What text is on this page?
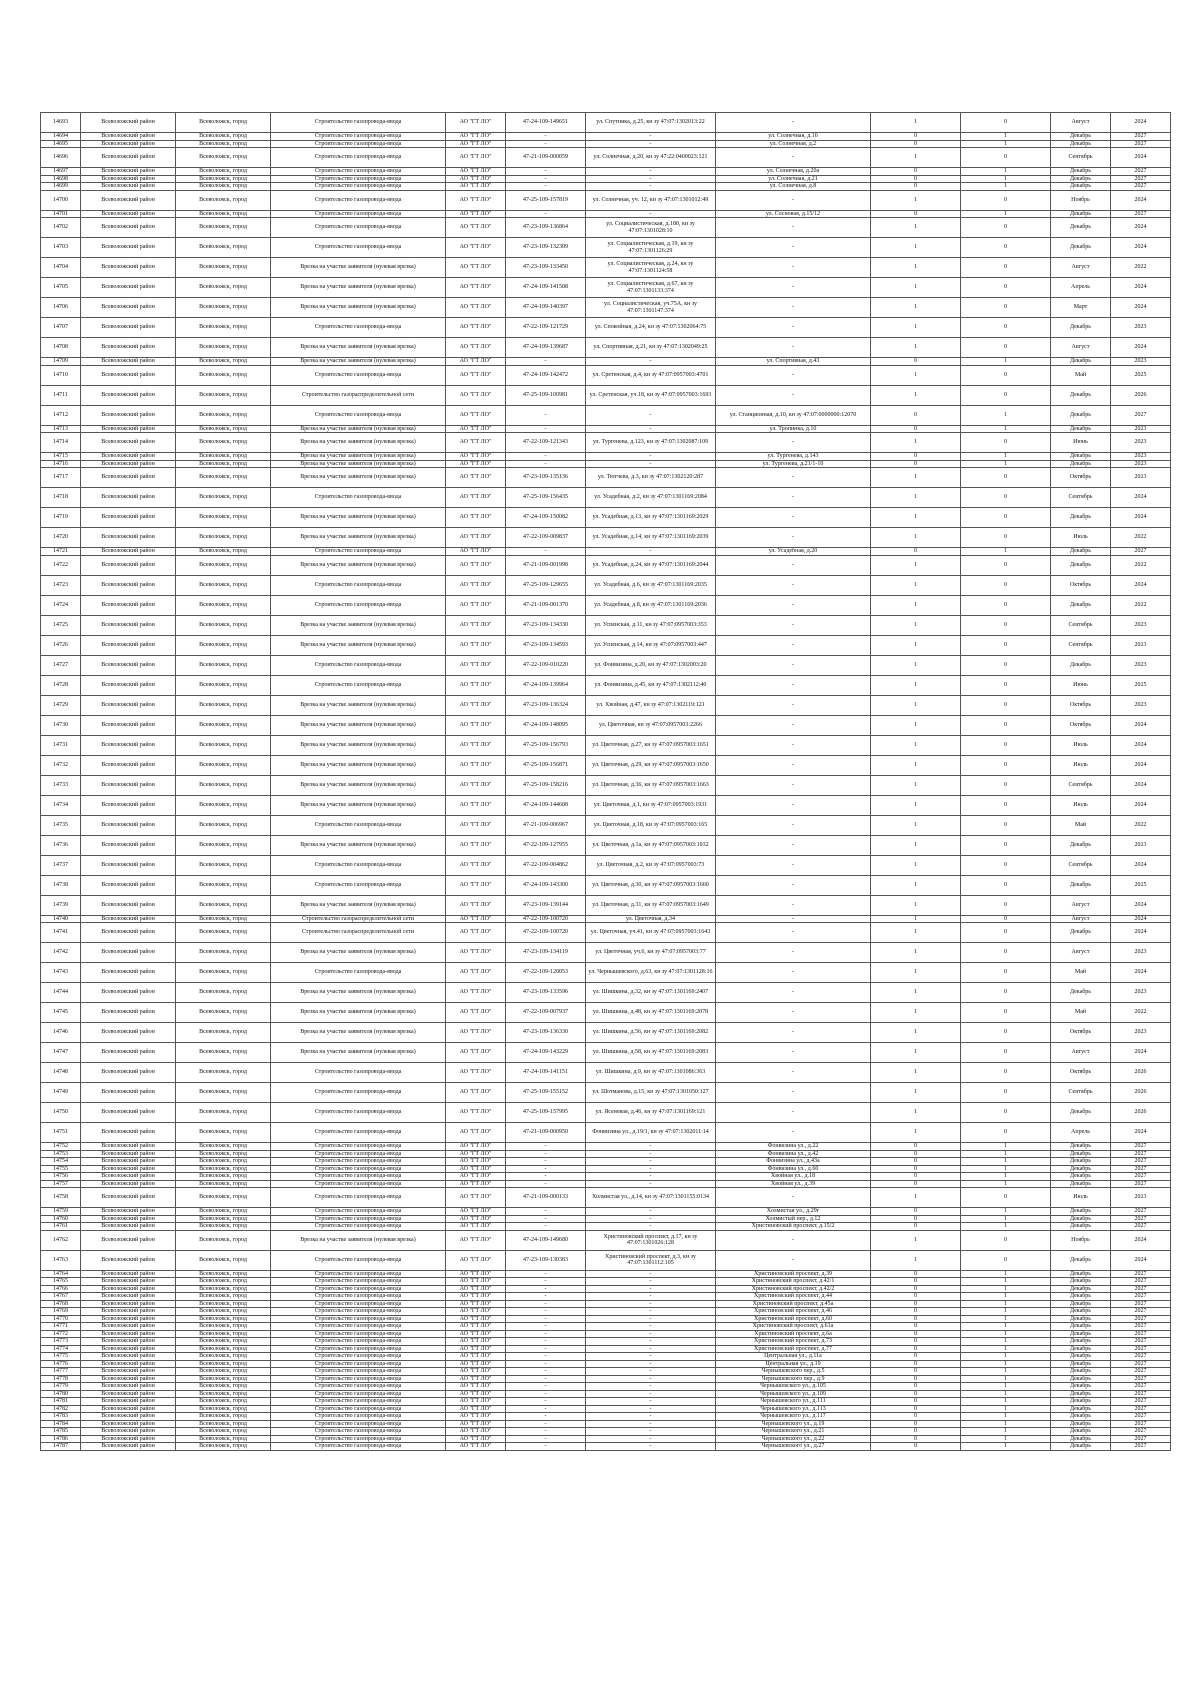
14693	Всеволожский район	Всеволожск, город	Строительство газопровода-ввода	АО "ГТ ЛО"	47-24-109-149651	ул. Спутника, д.25, кн зу 47:07:1302013:22	-	1	0	Август	2024
14694	Всеволожский район	Всеволожск, город	Строительство газопровода-ввода	АО "ГТ ЛО"	-	-	ул. Солнечная, д.16	0	1	Декабрь	2027
14695	Всеволожский район	Всеволожск, город	Строительство газопровода-ввода	АО "ГТ ЛО"	-	-	ул. Солнечная, д.2	0	1	Декабрь	2027
14696	Всеволожский район	Всеволожск, город	Строительство газопровода-ввода	АО "ГТ ЛО"	47-21-109-000059	ул. Солнечная, д.20, кн зу 47:22:0400023:121	-	1	0	Сентябрь	2024
14697	Всеволожский район	Всеволожск, город	Строительство газопровода-ввода	АО "ГТ ЛО"	-	-	ул. Солнечная, д.20а	0	1	Декабрь	2027
14698	Всеволожский район	Всеволожск, город	Строительство газопровода-ввода	АО "ГТ ЛО"	-	-	ул. Солнечная, д.21	0	1	Декабрь	2027
14699	Всеволожский район	Всеволожск, город	Строительство газопровода-ввода	АО "ГТ ЛО"	-	-	ул. Солнечная, д.8	0	1	Декабрь	2027
14700	Всеволожский район	Всеволожск, город	Строительство газопровода-ввода	АО "ГТ ЛО"	47-25-109-157819	ул. Солнечная, уч. 12, кн зу 47:07:1301012:49	-	1	0	Ноябрь	2024
14701	Всеволожский район	Всеволожск, город	Строительство газопровода-ввода	АО "ГТ ЛО"	-	-	ул. Сосновая, д.15/12	0	1	Декабрь	2027
14702	Всеволожский район	Всеволожск, город	Строительство газопровода-ввода	АО "ГТ ЛО"	47-23-109-136864	ул. Социалистическая, д.180, кн зу 47:07:1301028:10	-	1	0	Декабрь	2024
14703	Всеволожский район	Всеволожск, город	Строительство газопровода-ввода	АО "ГТ ЛО"	47-23-109-132309	ул. Социалистическая, д.19, кн зу 47:07:1301126:29	-	1	0	Декабрь	2024
14704	Всеволожский район	Всеволожск, город	Врезка на участке заявителя (нулевая врезка)	АО "ГТ ЛО"	47-23-109-133450	ул. Социалистическая, д.24, кн зу 47:07:1301124:58	-	1	0	Август	2022
14705	Всеволожский район	Всеволожск, город	Врезка на участке заявителя (нулевая врезка)	АО "ГТ ЛО"	47-24-109-141508	ул. Социалистическая, д.67, кн зу 47:07:1301133:374	-	1	0	Апрель	2024
14706	Всеволожский район	Всеволожск, город	Врезка на участке заявителя (нулевая врезка)	АО "ГТ ЛО"	47-24-109-140397	ул. Социалистическая, уч.75А, кн зу 47:07:1301147:374	-	1	0	Март	2024
14707	Всеволожский район	Всеволожск, город	Строительство газопровода-ввода	АО "ГТ ЛО"	47-22-109-121729	ул. Спокойная, д.24, кн зу 47:07:1302064:75	-	1	0	Декабрь	2023
14708	Всеволожский район	Всеволожск, город	Врезка на участке заявителя (нулевая врезка)	АО "ГТ ЛО"	47-24-109-139687	ул. Спортивная, д.21, кн зу 47:07:1302049:25	-	1	0	Август	2024
14709	Всеволожский район	Всеволожск, город	Врезка на участке заявителя (нулевая врезка)	АО "ГТ ЛО"	-	-	ул. Спортивная, д.43	0	1	Декабрь	2023
14710	Всеволожский район	Всеволожск, город	Строительство газопровода-ввода	АО "ГТ ЛО"	47-24-109-142472	ул. Сретенская, д.4, кн зу 47:07:0957003:4701	-	1	0	Май	2025
14711	Всеволожский район	Всеволожск, город	Строительство газораспределительной сети	АО "ГТ ЛО"	47-25-109-100981	ул. Сретенская, уч.18, кн зу 47:07:0957003:1693	-	1	0	Декабрь	2026
14712	Всеволожский район	Всеволожск, город	Строительство газопровода-ввода	АО "ГТ ЛО"	-	-	ул. Станционная, д.10, кн зу 47:07:0000000:12070	0	1	Декабрь	2027
14713	Всеволожский район	Всеволожск, город	Врезка на участке заявителя (нулевая врезка)	АО "ГТ ЛО"	-	-	ул. Тропинка, д.10	0	1	Декабрь	2023
14714	Всеволожский район	Всеволожск, город	Врезка на участке заявителя (нулевая врезка)	АО "ГТ ЛО"	47-22-109-121343	ул. Тургенева, д.123, кн зу 47:07:1302087:109	-	1	0	Июнь	2023
14715	Всеволожский район	Всеволожск, город	Врезка на участке заявителя (нулевая врезка)	АО "ГТ ЛО"	-	-	ул. Тургенева, д.143	0	1	Декабрь	2023
14716	Всеволожский район	Всеволожск, город	Врезка на участке заявителя (нулевая врезка)	АО "ГТ ЛО"	-	-	ул. Тургенева, д.21/1-10	0	1	Декабрь	2023
14717	Всеволожский район	Всеволожск, город	Врезка на участке заявителя (нулевая врезка)	АО "ГТ ЛО"	47-23-109-135136	ул. Тютчева, д.3, кн зу 47:07:1302120:287	-	1	0	Октябрь	2023
14718	Всеволожский район	Всеволожск, город	Строительство газопровода-ввода	АО "ГТ ЛО"	47-25-109-156435	ул. Усадебная, д.2, кн зу 47:07:1301169:2084	-	1	0	Сентябрь	2024
14719	Всеволожский район	Всеволожск, город	Врезка на участке заявителя (нулевая врезка)	АО "ГТ ЛО"	47-24-109-150082	ул. Усадебная, д.13, кн зу 47:07:1301169:2029	-	1	0	Декабрь	2024
14720	Всеволожский район	Всеволожск, город	Врезка на участке заявителя (нулевая врезка)	АО "ГТ ЛО"	47-22-109-009837	ул. Усадебная, д.14, кн зу 47:07:1301169:2039	-	1	0	Июль	2022
14721	Всеволожский район	Всеволожск, город	Строительство газопровода-ввода	АО "ГТ ЛО"	-	-	ул. Усадебная, д.20	0	1	Декабрь	2027
14722	Всеволожский район	Всеволожск, город	Врезка на участке заявителя (нулевая врезка)	АО "ГТ ЛО"	47-21-109-001998	ул. Усадебная, д.24, кн зу 47:07:1301169:2044	-	1	0	Декабрь	2022
14723	Всеволожский район	Всеволожск, город	Строительство газопровода-ввода	АО "ГТ ЛО"	47-25-109-129655	ул. Усадебная, д.6, кн зу 47:07:1301169:2035	-	1	0	Октябрь	2024
14724	Всеволожский район	Всеволожск, город	Строительство газопровода-ввода	АО "ГТ ЛО"	47-21-109-001370	ул. Усадебная, д.8, кн зу 47:07:1301169:2036	-	1	0	Декабрь	2022
14725	Всеволожский район	Всеволожск, город	Врезка на участке заявителя (нулевая врезка)	АО "ГТ ЛО"	47-23-109-134330	ул. Успенская, д.11, кн зу 47:07:0957003:353	-	1	0	Сентябрь	2023
14726	Всеволожский район	Всеволожск, город	Врезка на участке заявителя (нулевая врезка)	АО "ГТ ЛО"	47-23-109-134593	ул. Успенская, д.14, кн зу 47:07:0957003:447	-	1	0	Сентябрь	2023
14727	Всеволожский район	Всеволожск, город	Строительство газопровода-ввода	АО "ГТ ЛО"	47-22-109-010220	ул. Фонвизина, д.20, кн зу 47:07:1302003:20	-	1	0	Декабрь	2023
14728	Всеволожский район	Всеволожск, город	Строительство газопровода-ввода	АО "ГТ ЛО"	47-24-109-139964	ул. Фонвизина, д.45, кн зу 47:07:1302112:40	-	1	0	Июнь	2025
14729	Всеволожский район	Всеволожск, город	Врезка на участке заявителя (нулевая врезка)	АО "ГТ ЛО"	47-23-109-136324	ул. Хвойная, д.47, кн зу 47:07:1302119:121	-	1	0	Октябрь	2023
14730	Всеволожский район	Всеволожск, город	Врезка на участке заявителя (нулевая врезка)	АО "ГТ ЛО"	47-24-109-148095	ул. Цветочная, кн зу 47:07:0957003:2266	-	1	0	Октябрь	2024
14731	Всеволожский район	Всеволожск, город	Врезка на участке заявителя (нулевая врезка)	АО "ГТ ЛО"	47-25-109-156793	ул. Цветочная, д.27, кн зу 47:07:0957003:1651	-	1	0	Июль	2024
14732	Всеволожский район	Всеволожск, город	Врезка на участке заявителя (нулевая врезка)	АО "ГТ ЛО"	47-25-109-156871	ул. Цветочная, д.29, кн зу 47:07:0957003:1650	-	1	0	Июль	2024
14733	Всеволожский район	Всеволожск, город	Врезка на участке заявителя (нулевая врезка)	АО "ГТ ЛО"	47-25-109-158216	ул. Цветочная, д.36, кн зу 47:07:0957003:1663	-	1	0	Сентябрь	2024
14734	Всеволожский район	Всеволожск, город	Врезка на участке заявителя (нулевая врезка)	АО "ГТ ЛО"	47-24-109-144608	ул. Цветочная, д.1, кн зу 47:07:0957003:1931	-	1	0	Июль	2024
14735	Всеволожский район	Всеволожск, город	Строительство газопровода-ввода	АО "ГТ ЛО"	47-21-109-006967	ул. Цветочная, д.18, кн зу 47:07:0957003:165	-	1	0	Май	2022
14736	Всеволожский район	Всеволожск, город	Врезка на участке заявителя (нулевая врезка)	АО "ГТ ЛО"	47-22-109-127955	ул. Цветочная, д.1а, кн зу 47:07:0957003:1932	-	1	0	Декабрь	2023
14737	Всеволожский район	Всеволожск, город	Строительство газопровода-ввода	АО "ГТ ЛО"	47-22-109-004862	ул. Цветочная, д.2, кн зу 47:07:0957003:73	-	1	0	Сентябрь	2024
14738	Всеволожский район	Всеволожск, город	Строительство газопровода-ввода	АО "ГТ ЛО"	47-24-109-143300	ул. Цветочная, д.30, кн зу 47:07:0957003:1660	-	1	0	Декабрь	2025
14739	Всеволожский район	Всеволожск, город	Врезка на участке заявителя (нулевая врезка)	АО "ГТ ЛО"	47-23-109-139144	ул. Цветочная, д.31, кн зу 47:07:0957003:1649	-	1	0	Август	2024
14740	Всеволожский район	Всеволожск, город	Строительство газораспределительной сети	АО "ГТ ЛО"	47-22-109-100720	ул. Цветочная, д.34	-	1	0	Август	2024
14741	Всеволожский район	Всеволожск, город	Строительство газораспределительной сети	АО "ГТ ЛО"	47-22-109-100720	ул. Цветочная, уч.41, кн зу 47:07:0957003:1643	-	1	0	Декабрь	2024
14742	Всеволожский район	Всеволожск, город	Врезка на участке заявителя (нулевая врезка)	АО "ГТ ЛО"	47-23-109-134119	ул. Цветочная, уч.6, кн зу 47:07:0957003:77	-	1	0	Август	2023
14743	Всеволожский район	Всеволожск, город	Строительство газопровода-ввода	АО "ГТ ЛО"	47-22-109-120053	ул. Чернышевского, д.63, кн зу 47:07:1301128:16	-	1	0	Май	2024
14744	Всеволожский район	Всеволожск, город	Врезка на участке заявителя (нулевая врезка)	АО "ГТ ЛО"	47-23-109-133596	ул. Шишкина, д.32, кн зу 47:07:1301169:2407	-	1	0	Декабрь	2023
14745	Всеволожский район	Всеволожск, город	Врезка на участке заявителя (нулевая врезка)	АО "ГТ ЛО"	47-22-109-007937	ул. Шишкина, д.48, кн зу 47:07:1301169:2078	-	1	0	Май	2022
14746	Всеволожский район	Всеволожск, город	Врезка на участке заявителя (нулевая врезка)	АО "ГТ ЛО"	47-23-109-136330	ул. Шишкина, д.56, кн зу 47:07:1301169:2082	-	1	0	Октябрь	2023
14747	Всеволожский район	Всеволожск, город	Врезка на участке заявителя (нулевая врезка)	АО "ГТ ЛО"	47-24-109-143229	ул. Шишкина, д.58, кн зу 47:07:1301169:2083	-	1	0	Август	2024
14748	Всеволожский район	Всеволожск, город	Строительство газопровода-ввода	АО "ГТ ЛО"	47-24-109-141151	ул. Шишкина, д.9, кн зу 47:07:1301086:363	-	1	0	Октябрь	2026
14749	Всеволожский район	Всеволожск, город	Строительство газопровода-ввода	АО "ГТ ЛО"	47-25-109-155152	ул. Шотманова, д.15, кн зу 47:07:1301050:127	-	1	0	Сентябрь	2026
14750	Всеволожский район	Всеволожск, город	Строительство газопровода-ввода	АО "ГТ ЛО"	47-25-109-157995	ул. Ясеневая, д.46, кн зу 47:07:1301169:121	-	1	0	Декабрь	2026
14751	Всеволожский район	Всеволожск, город	Строительство газопровода-ввода	АО "ГТ ЛО"	47-21-109-000950	Фонвизина ул., д.19/1, кн зу 47:07:1302011:14	-	1	0	Апрель	2024
14752	Всеволожский район	Всеволожск, город	Строительство газопровода-ввода	АО "ГТ ЛО"	-	-	Фонвизина ул., д.22	0	1	Декабрь	2027
14753	Всеволожский район	Всеволожск, город	Строительство газопровода-ввода	АО "ГТ ЛО"	-	-	Фонвизина ул., д.42	0	1	Декабрь	2027
14754	Всеволожский район	Всеволожск, город	Строительство газопровода-ввода	АО "ГТ ЛО"	-	-	Фонвизина ул., д.43а	0	1	Декабрь	2027
14755	Всеволожский район	Всеволожск, город	Строительство газопровода-ввода	АО "ГТ ЛО"	-	-	Фонвизина ул., д.60	0	1	Декабрь	2027
14756	Всеволожский район	Всеволожск, город	Строительство газопровода-ввода	АО "ГТ ЛО"	-	-	Хвойная ул., д.18	0	1	Декабрь	2027
14757	Всеволожский район	Всеволожск, город	Строительство газопровода-ввода	АО "ГТ ЛО"	-	-	Хвойная ул., д.39	0	1	Декабрь	2027
14758	Всеволожский район	Всеволожск, город	Строительство газопровода-ввода	АО "ГТ ЛО"	47-21-109-000133	Холмистая ул., д.14, кн зу 47:07:1301155:0134	-	1	0	Июль	2023
14759	Всеволожский район	Всеволожск, город	Строительство газопровода-ввода	АО "ГТ ЛО"	-	-	Холмистая ул., д.29г	0	1	Декабрь	2027
14760	Всеволожский район	Всеволожск, город	Строительство газопровода-ввода	АО "ГТ ЛО"	-	-	Холмистый пер., д.12	0	1	Декабрь	2027
14761	Всеволожский район	Всеволожск, город	Строительство газопровода-ввода	АО "ГТ ЛО"	-	-	Христиновский проспект, д.15/2	0	1	Декабрь	2027
14762	Всеволожский район	Всеволожск, город	Врезка на участке заявителя (нулевая врезка)	АО "ГТ ЛО"	47-24-109-149680	Христиновский проспект, д.17, кн зу 47:07:1301026:128	-	1	0	Ноябрь	2024
14763	Всеволожский район	Всеволожск, город	Строительство газопровода-ввода	АО "ГТ ЛО"	47-23-109-130383	Христиновский проспект, д.3, кн зу 47:07:1301112:105	-	1	0	Декабрь	2024
14764	Всеволожский район	Всеволожск, город	Строительство газопровода-ввода	АО "ГТ ЛО"	-	-	Христиновский проспект, д.39	0	1	Декабрь	2027
14765	Всеволожский район	Всеволожск, город	Строительство газопровода-ввода	АО "ГТ ЛО"	-	-	Христиновский проспект, д.42/1	0	1	Декабрь	2027
14766	Всеволожский район	Всеволожск, город	Строительство газопровода-ввода	АО "ГТ ЛО"	-	-	Христиновский проспект, д.42/2	0	1	Декабрь	2027
14767	Всеволожский район	Всеволожск, город	Строительство газопровода-ввода	АО "ГТ ЛО"	-	-	Христиновский проспект, д.44	0	1	Декабрь	2027
14768	Всеволожский район	Всеволожск, город	Строительство газопровода-ввода	АО "ГТ ЛО"	-	-	Христиновский проспект, д.45а	0	1	Декабрь	2027
14769	Всеволожский район	Всеволожск, город	Строительство газопровода-ввода	АО "ГТ ЛО"	-	-	Христиновский проспект, д.46	0	1	Декабрь	2027
14770	Всеволожский район	Всеволожск, город	Строительство газопровода-ввода	АО "ГТ ЛО"	-	-	Христиновский проспект, д.60	0	1	Декабрь	2027
14771	Всеволожский район	Всеволожск, город	Строительство газопровода-ввода	АО "ГТ ЛО"	-	-	Христиновский проспект, д.61а	0	1	Декабрь	2027
14772	Всеволожский район	Всеволожск, город	Строительство газопровода-ввода	АО "ГТ ЛО"	-	-	Христиновский проспект, д.6а	0	1	Декабрь	2027
14773	Всеволожский район	Всеволожск, город	Строительство газопровода-ввода	АО "ГТ ЛО"	-	-	Христиновский проспект, д.73	0	1	Декабрь	2027
14774	Всеволожский район	Всеволожск, город	Строительство газопровода-ввода	АО "ГТ ЛО"	-	-	Христиновский проспект, д.77	0	1	Декабрь	2027
14775	Всеволожский район	Всеволожск, город	Строительство газопровода-ввода	АО "ГТ ЛО"	-	-	Центральная ул., д.11а	0	1	Декабрь	2027
14776	Всеволожский район	Всеволожск, город	Строительство газопровода-ввода	АО "ГТ ЛО"	-	-	Центральная ул., д.19	0	1	Декабрь	2027
14777	Всеволожский район	Всеволожск, город	Строительство газопровода-ввода	АО "ГТ ЛО"	-	-	Чернышевского пер., д.5	0	1	Декабрь	2027
14778	Всеволожский район	Всеволожск, город	Строительство газопровода-ввода	АО "ГТ ЛО"	-	-	Чернышевского пер., д.9	0	1	Декабрь	2027
14779	Всеволожский район	Всеволожск, город	Строительство газопровода-ввода	АО "ГТ ЛО"	-	-	Чернышевского ул., д.105	0	1	Декабрь	2027
14780	Всеволожский район	Всеволожск, город	Строительство газопровода-ввода	АО "ГТ ЛО"	-	-	Чернышевского ул., д.109	0	1	Декабрь	2027
14781	Всеволожский район	Всеволожск, город	Строительство газопровода-ввода	АО "ГТ ЛО"	-	-	Чернышевского ул., д.111	0	1	Декабрь	2027
14782	Всеволожский район	Всеволожск, город	Строительство газопровода-ввода	АО "ГТ ЛО"	-	-	Чернышевского ул., д.113	0	1	Декабрь	2027
14783	Всеволожский район	Всеволожск, город	Строительство газопровода-ввода	АО "ГТ ЛО"	-	-	Чернышевского ул., д.117	0	1	Декабрь	2027
14784	Всеволожский район	Всеволожск, город	Строительство газопровода-ввода	АО "ГТ ЛО"	-	-	Чернышевского ул., д.19	0	1	Декабрь	2027
14785	Всеволожский район	Всеволожск, город	Строительство газопровода-ввода	АО "ГТ ЛО"	-	-	Чернышевского ул., д.21	0	1	Декабрь	2027
14786	Всеволожский район	Всеволожск, город	Строительство газопровода-ввода	АО "ГТ ЛО"	-	-	Чернышевского ул., д.22	0	1	Декабрь	2027
14787	Всеволожский район	Всеволожск, город	Строительство газопровода-ввода	АО "ГТ ЛО"	-	-	Чернышевского ул., д.27	0	1	Декабрь	2027
